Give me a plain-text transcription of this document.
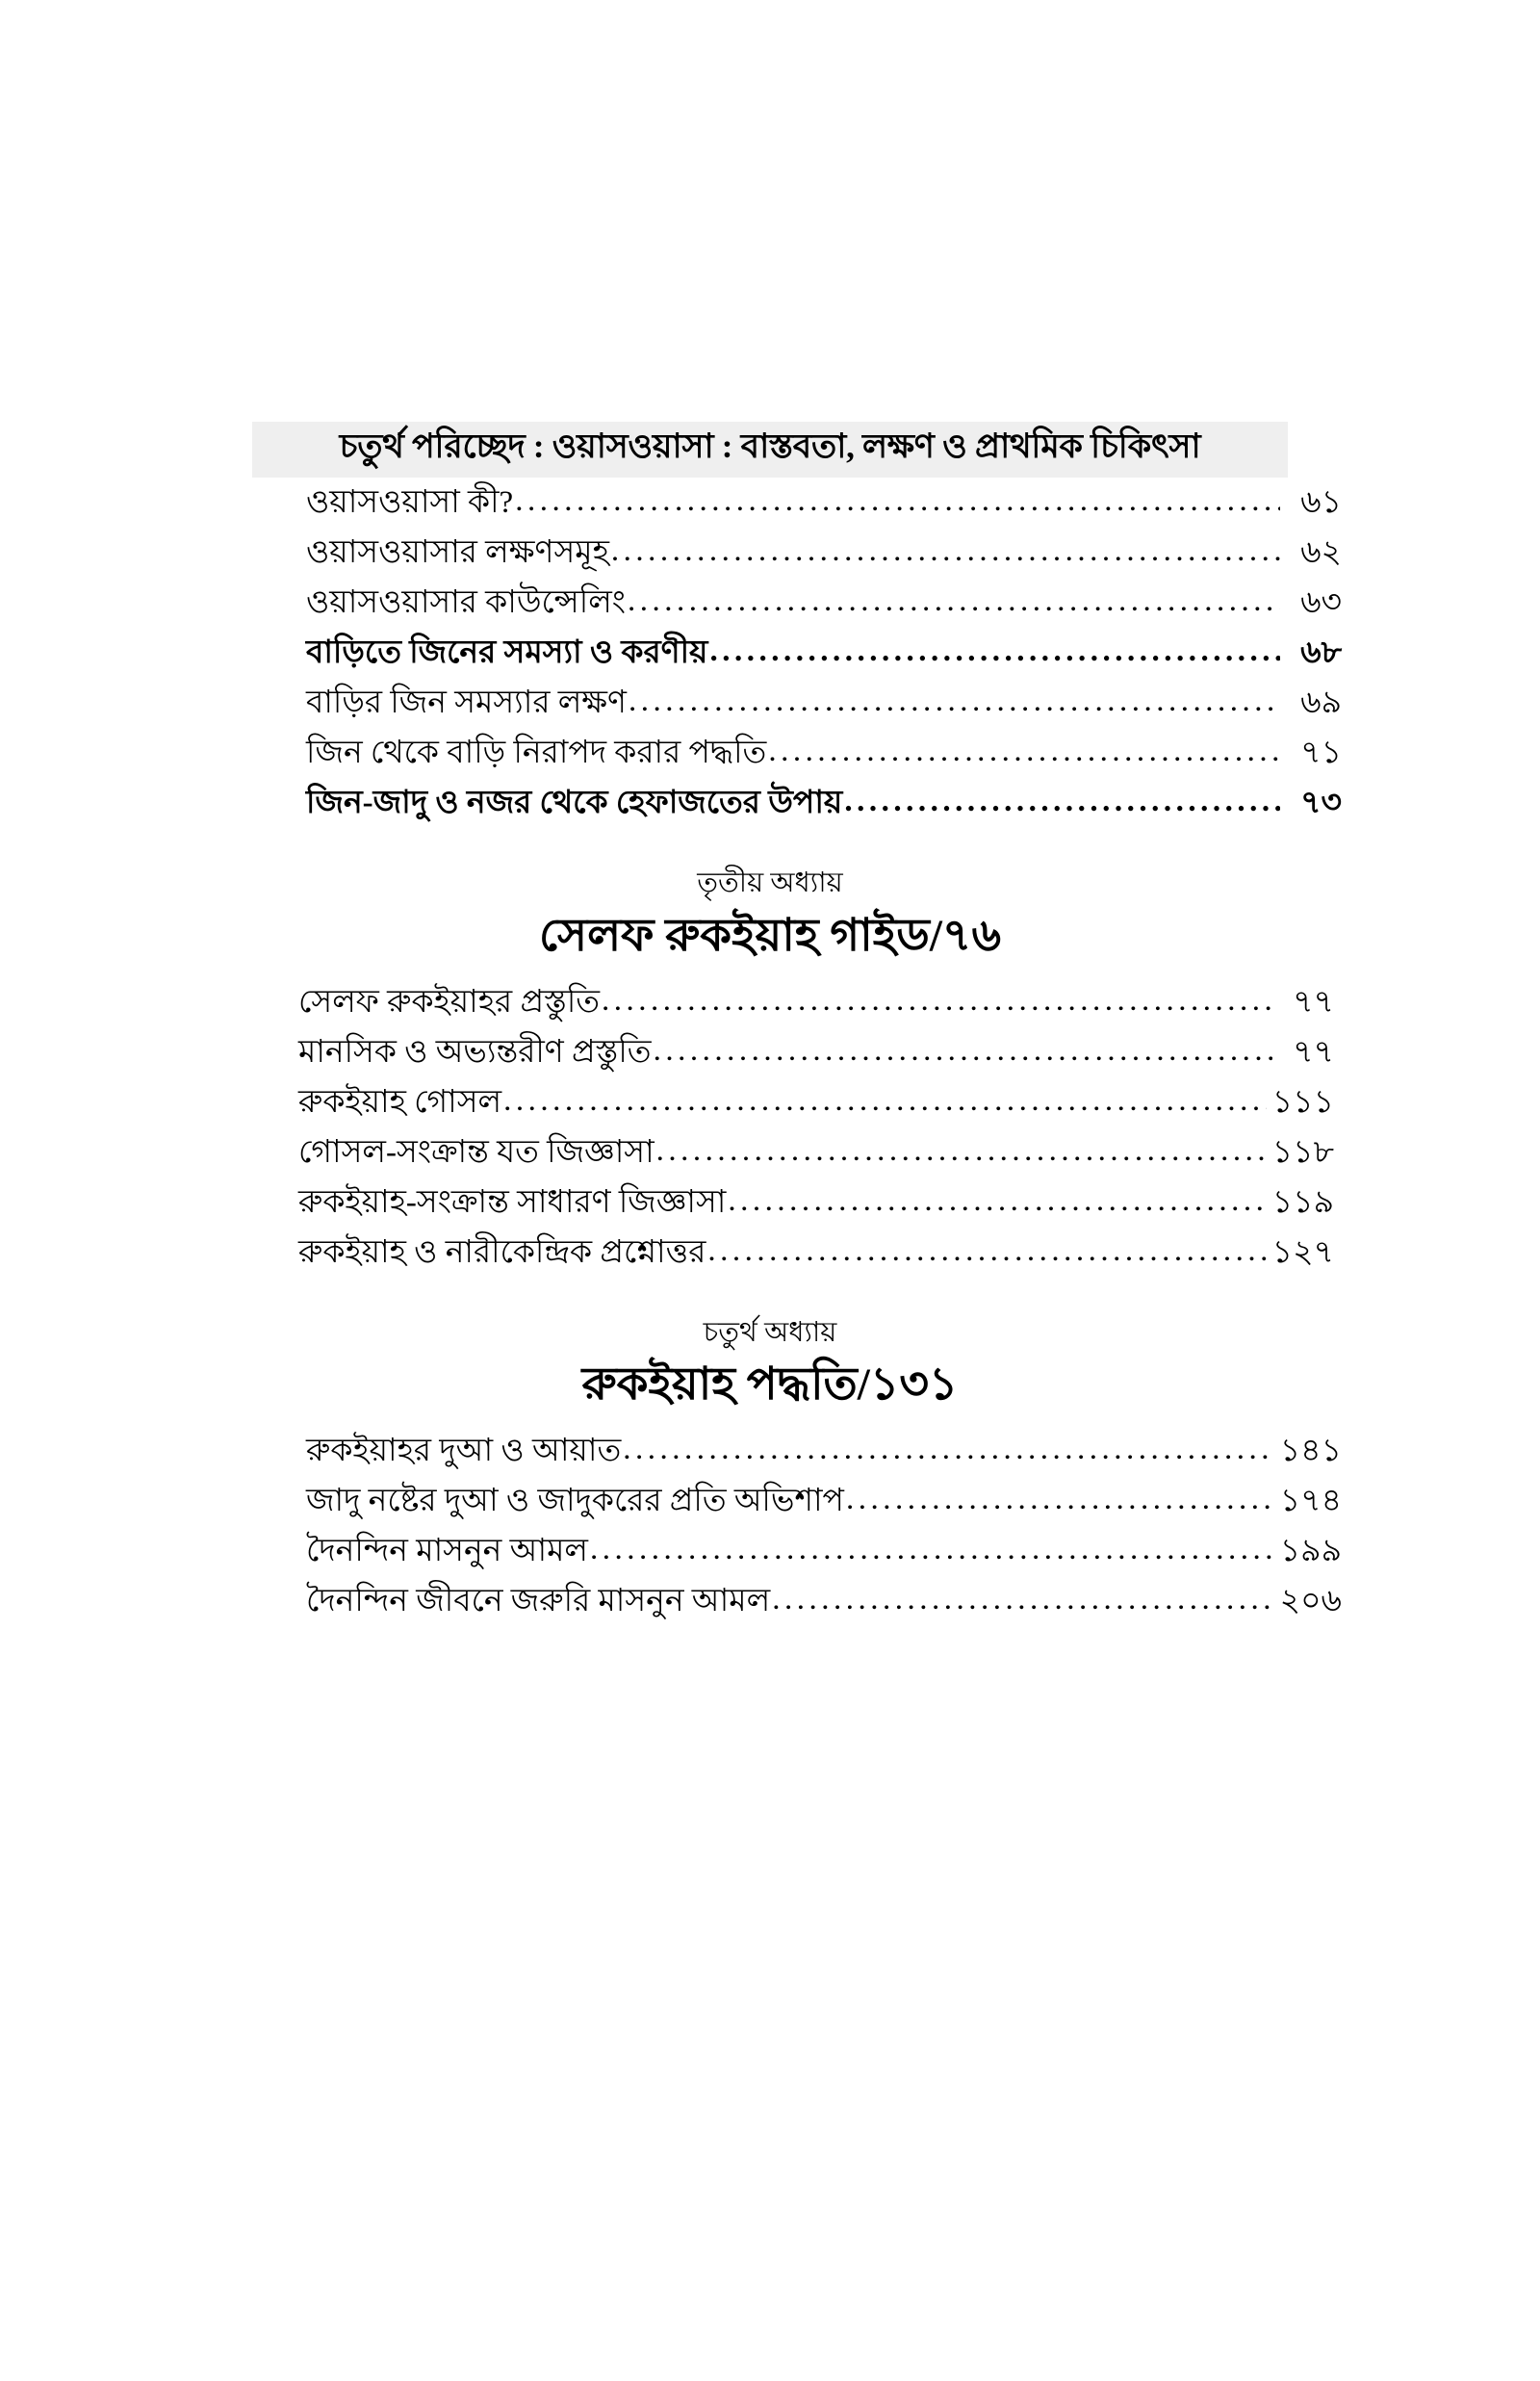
চতুর্থ পরিচ্ছেদ : ওয়াসওয়াসা : বাস্তবতা, লক্ষণ ও প্রাথমিক চিকিৎসা
ওয়াসওয়াসা কী? .....	৬১
ওয়াসওয়াসার লক্ষণসমূহ .....	৬২
ওয়াসওয়াসার কাউন্সেলিং .....	৬৩
বাড়িতে জিনের সমস্যা ও করণীয় .....	৬৮
বাড়ির জিন সমস্যার লক্ষণ .....	৬৯
জিন থেকে বাড়ি নিরাপদ করার পদ্ধতি .....	৭১
জিন-জাদু ও নজর থেকে হেফাজতের উপায় .....	৭৩
তৃতীয় অধ্যায়
সেলফ রুকইয়াহ গাইড/৭৬
সেলফ রুকইয়াহর প্রস্তুতি .....	৭৭
মানসিক ও অভ্যন্তরীণ প্রস্তুতি .....	৭৭
রুকইয়াহ গোসল .....	১১১
গোসল-সংক্রান্ত যত জিজ্ঞাসা .....	১১৮
রুকইয়াহ-সংক্রান্ত সাধারণ জিজ্ঞাসা .....	১১৯
রুকইয়াহ ও নারীকেন্দ্রিক প্রশ্নোত্তর .....	১২৭
চতুর্থ অধ্যায়
রুকইয়াহ পদ্ধতি/১৩১
রুকইয়াহর দুআ ও আয়াত .....	১৪১
জাদু নষ্টের দুআ ও জাদুকরের প্রতি অভিশাপ .....	১৭৪
দৈনন্দিন মাসনুন আমল .....	১৯৯
দৈনন্দিন জীবনে জরুরি মাসনুন আমল .....	২০৬
